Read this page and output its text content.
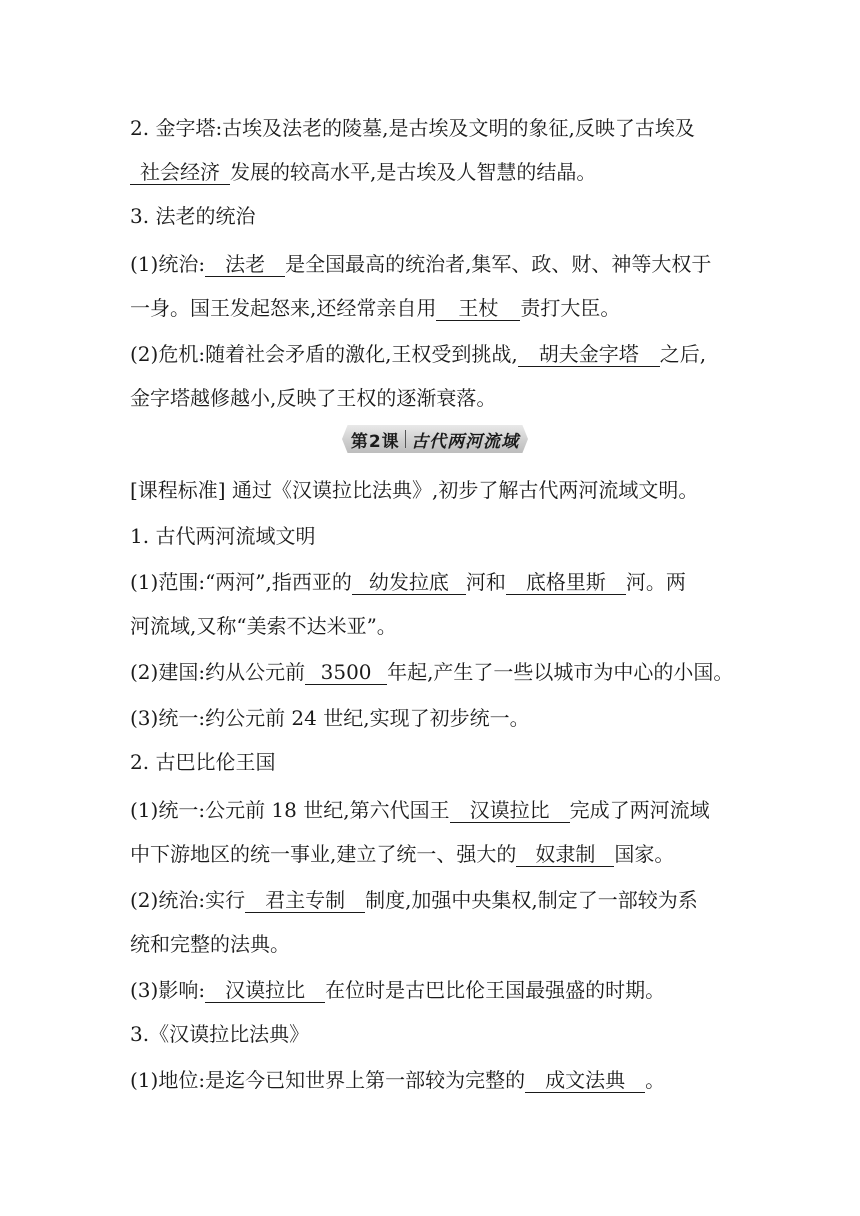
2. 金字塔:古埃及法老的陵墓,是古埃及文明的象征,反映了古埃及
社会经济 发展的较高水平,是古埃及人智慧的结晶。
3. 法老的统治
(1)统治: 法老 是全国最高的统治者,集军、政、财、神等大权于
一身。国王发起怒来,还经常亲自用 王杖 责打大臣。
(2)危机:随着社会矛盾的激化,王权受到挑战, 胡夫金字塔 之后,
金字塔越修越小,反映了王权的逐渐衰落。
第2课 古代两河流域
[课程标准] 通过《汉谟拉比法典》,初步了解古代两河流域文明。
1. 古代两河流域文明
(1)范围:“两河”,指西亚的 幼发拉底 河和 底格里斯 河。两
河流域,又称“美索不达米亚”。
(2)建国:约从公元前 3500 年起,产生了一些以城市为中心的小国。
(3)统一:约公元前 24 世纪,实现了初步统一。
2. 古巴比伦王国
(1)统一:公元前 18 世纪,第六代国王 汉谟拉比 完成了两河流域
中下游地区的统一事业,建立了统一、强大的 奴隶制 国家。
(2)统治:实行 君主专制 制度,加强中央集权,制定了一部较为系
统和完整的法典。
(3)影响: 汉谟拉比 在位时是古巴比伦王国最强盛的时期。
3.《汉谟拉比法典》
(1)地位:是迄今已知世界上第一部较为完整的 成文法典 。
